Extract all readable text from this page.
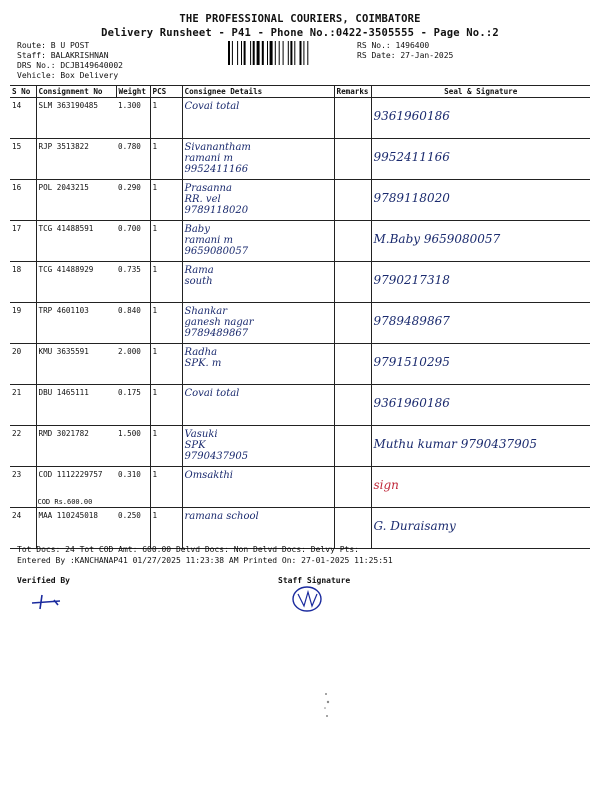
THE PROFESSIONAL COURIERS, COIMBATORE
Delivery Runsheet - P41 - Phone No.:0422-3505555 - Page No.:2
Route: B U POST
Staff: BALAKRISHNAN
DRS No.: DCJB149640002
Vehicle: Box Delivery
RS No.: 1496400
RS Date: 27-Jan-2025
S No	Consignment No	Weight	PCS	Consignee Details	Remarks	Seal & Signature
14	SLM 363190485	1.300	1	Covai total		9361960186

15	RJP 3513822	0.780	1	Sivanantham
ramani m
9952411166		9952411166

16	POL 2043215	0.290	1	Prasanna
RR. vel
9789118020		9789118020

17	TCG 41488591	0.700	1	Baby
ramani m
9659080057		M.Baby 9659080057

18	TCG 41488929	0.735	1	Rama
south		9790217318

19	TRP 4601103	0.840	1	Shankar
ganesh nagar
9789489867		9789489867

20	KMU 3635591	2.000	1	Radha
SPK. m		9791510295

21	DBU 1465111	0.175	1	Covai total		9361960186

22	RMD 3021782	1.500	1	Vasuki
SPK
9790437905		Muthu kumar 9790437905

23	COD 1112229757
COD Rs.600.00	0.310	1	Omsakthi		sign

24	MAA 110245018	0.250	1	ramana school		G. Duraisamy
Tot Docs: 24 Tot COD Amt: 600.00 Delvd Docs: Non Delvd Docs: Delvy Pts:
Entered By :KANCHANAP41 01/27/2025 11:23:38 AM Printed On: 27-01-2025 11:25:51
Verified By	Staff Signature
